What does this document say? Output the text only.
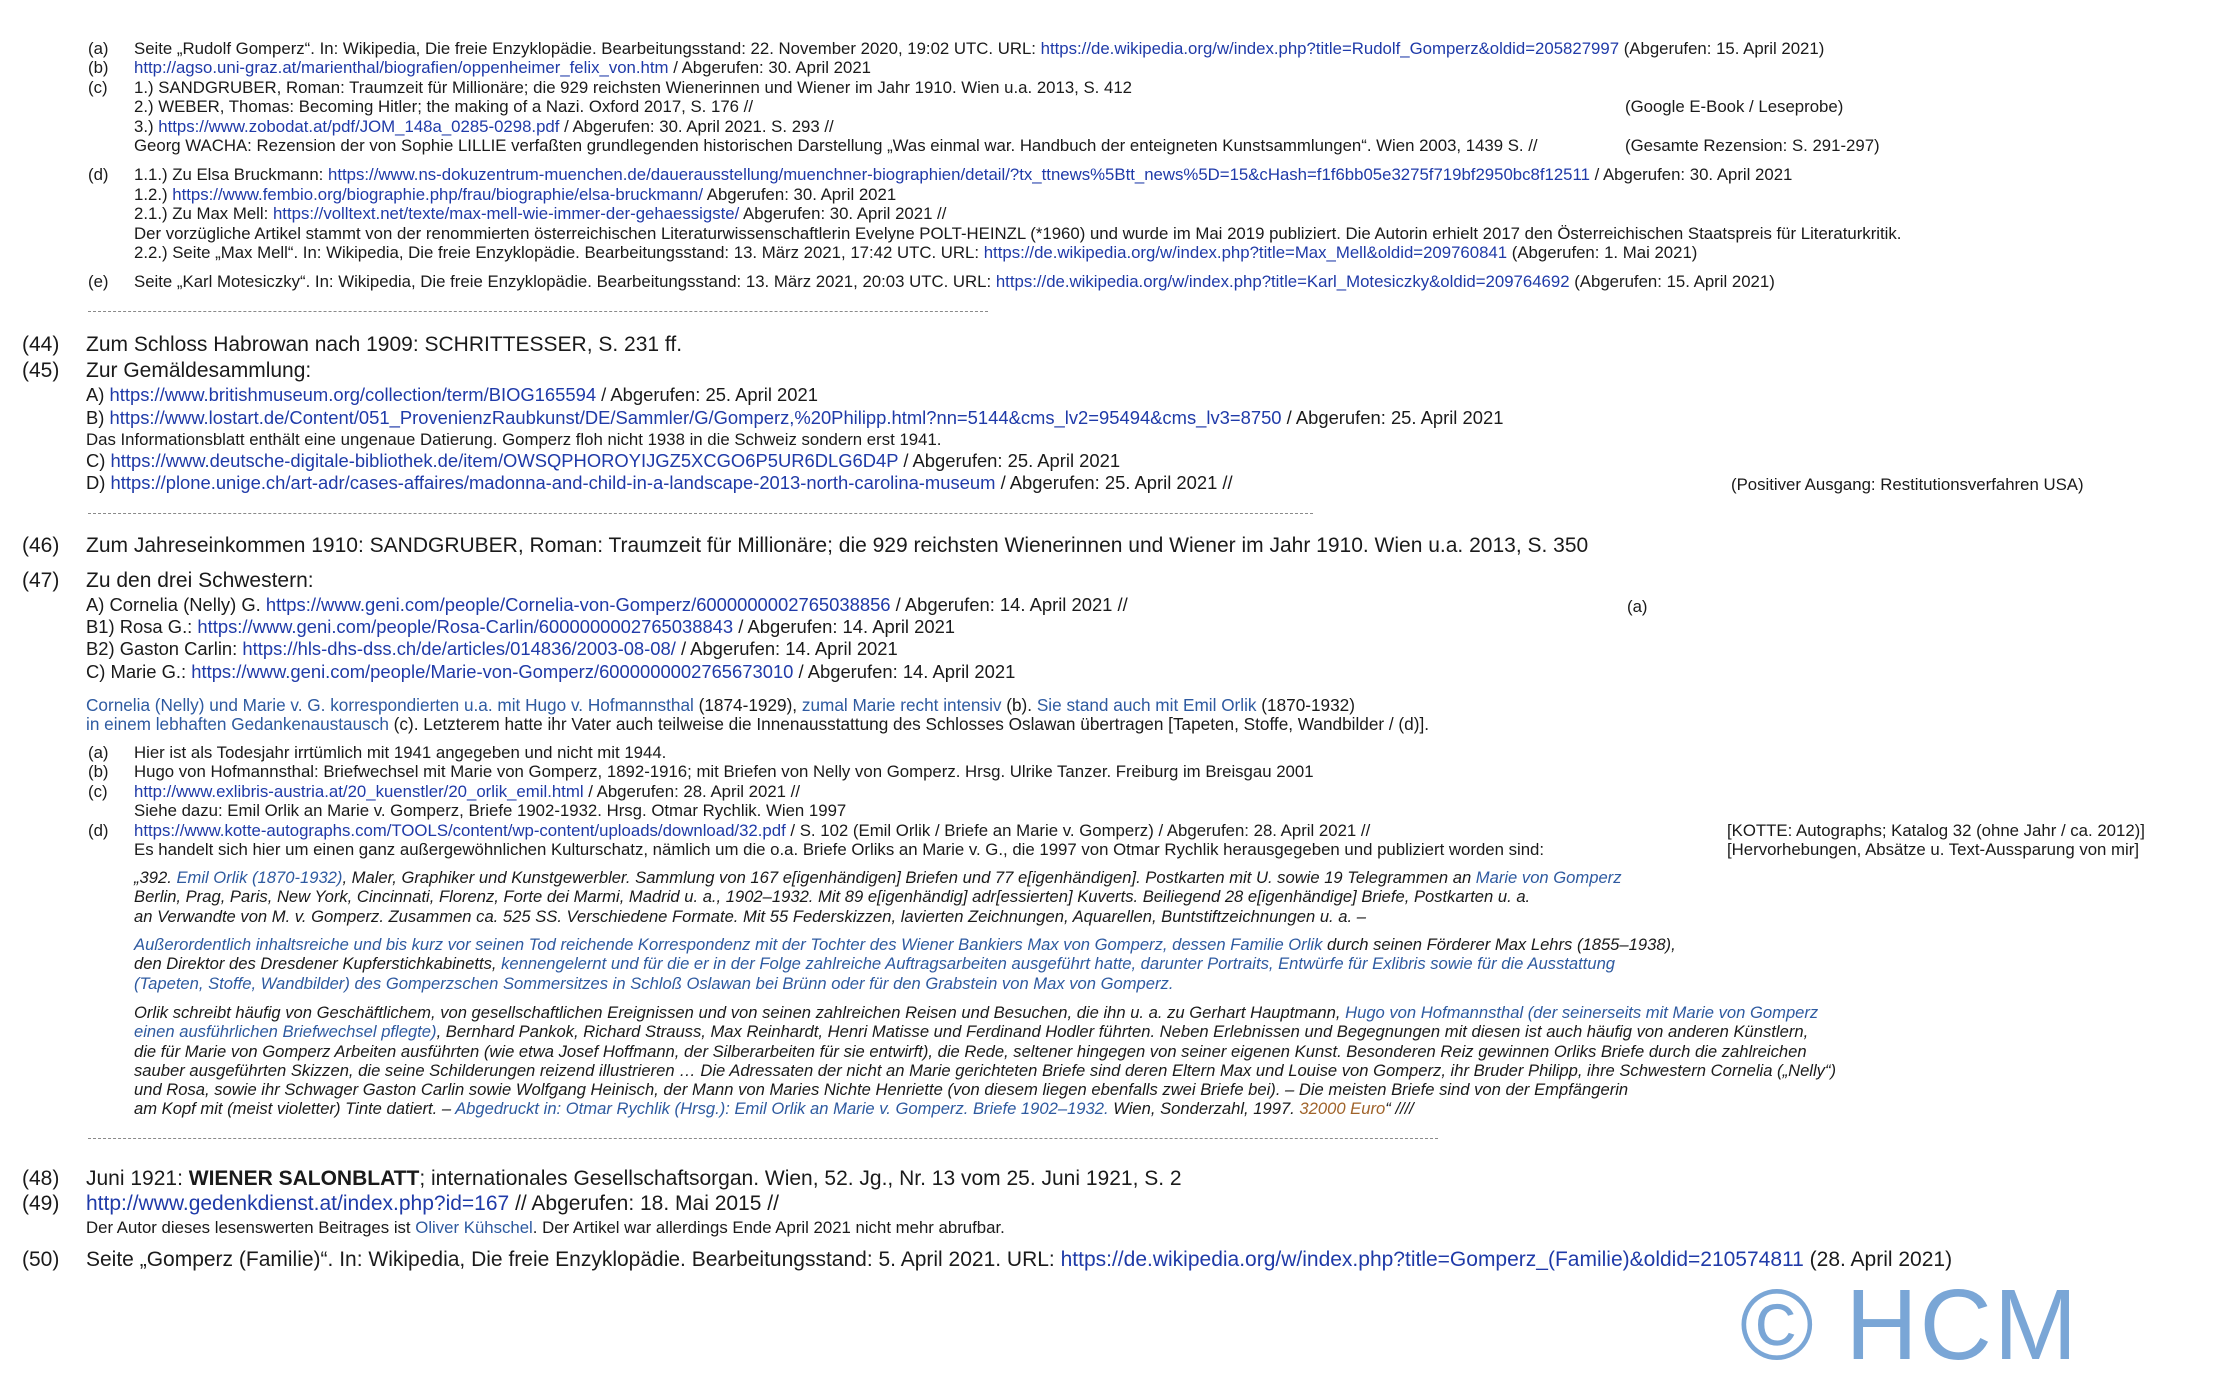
(a) Seite „Rudolf Gomperz“. In: Wikipedia, Die freie Enzyklopädie. Bearbeitungsstand: 22. November 2020, 19:02 UTC. URL: https://de.wikipedia.org/w/index.php?title=Rudolf_Gomperz&oldid=205827997 (Abgerufen: 15. April 2021)
(b) http://agso.uni-graz.at/marienthal/biografien/oppenheimer_felix_von.htm / Abgerufen: 30. April 2021
(c) 1.) SANDGRUBER, Roman: Traumzeit für Millionäre; die 929 reichsten Wienerinnen und Wiener im Jahr 1910. Wien u.a. 2013, S. 412
2.) WEBER, Thomas: Becoming Hitler; the making of a Nazi. Oxford 2017, S. 176 //	(Google E-Book / Leseprobe)
3.) https://www.zobodat.at/pdf/JOM_148a_0285-0298.pdf / Abgerufen: 30. April 2021. S. 293 //
Georg WACHA: Rezension der von Sophie LILLIE verfaßten grundlegenden historischen Darstellung „Was einmal war. Handbuch der enteigneten Kunstsammlungen“. Wien 2003, 1439 S. //	(Gesamte Rezension: S. 291-297)
(d) 1.1.) Zu Elsa Bruckmann: https://www.ns-dokuzentrum-muenchen.de/dauerausstellung/muenchner-biographien/detail/?tx_ttnews%5Btt_news%5D=15&cHash=f1f6bb05e3275f719bf2950bc8f12511 / Abgerufen: 30. April 2021
1.2.) https://www.fembio.org/biographie.php/frau/biographie/elsa-bruckmann/ Abgerufen: 30. April 2021
2.1.) Zu Max Mell: https://volltext.net/texte/max-mell-wie-immer-der-gehaessigste/ Abgerufen: 30. April 2021 //
Der vorzügliche Artikel stammt von der renommierten österreichischen Literaturwissenschaftlerin Evelyne POLT-HEINZL (*1960) und wurde im Mai 2019 publiziert. Die Autorin erhielt 2017 den Österreichischen Staatspreis für Literaturkritik.
2.2.) Seite „Max Mell“. In: Wikipedia, Die freie Enzyklopädie. Bearbeitungsstand: 13. März 2021, 17:42 UTC. URL: https://de.wikipedia.org/w/index.php?title=Max_Mell&oldid=209760841 (Abgerufen: 1. Mai 2021)
(e) Seite „Karl Motesiczky“. In: Wikipedia, Die freie Enzyklopädie. Bearbeitungsstand: 13. März 2021, 20:03 UTC. URL: https://de.wikipedia.org/w/index.php?title=Karl_Motesiczky&oldid=209764692 (Abgerufen: 15. April 2021)
(44) Zum Schloss Habrowan nach 1909: SCHRITTESSER, S. 231 ff.
(45) Zur Gemäldesammlung:
A) https://www.britishmuseum.org/collection/term/BIOG165594 / Abgerufen: 25. April 2021
B) https://www.lostart.de/Content/051_ProvenienzRaubkunst/DE/Sammler/G/Gomperz,%20Philipp.html?nn=5144&cms_lv2=95494&cms_lv3=8750 / Abgerufen: 25. April 2021
Das Informationsblatt enthält eine ungenaue Datierung. Gomperz floh nicht 1938 in die Schweiz sondern erst 1941.
C) https://www.deutsche-digitale-bibliothek.de/item/OWSQPHOROYIJGZ5XCGO6P5UR6DLG6D4P / Abgerufen: 25. April 2021
D) https://plone.unige.ch/art-adr/cases-affaires/madonna-and-child-in-a-landscape-2013-north-carolina-museum / Abgerufen: 25. April 2021 //	(Positiver Ausgang: Restitutionsverfahren USA)
(46) Zum Jahreseinkommen 1910: SANDGRUBER, Roman: Traumzeit für Millionäre; die 929 reichsten Wienerinnen und Wiener im Jahr 1910. Wien u.a. 2013, S. 350
(47) Zu den drei Schwestern:
A) Cornelia (Nelly) G. https://www.geni.com/people/Cornelia-von-Gomperz/6000000002765038856 / Abgerufen: 14. April 2021 //	(a)
B1) Rosa G.: https://www.geni.com/people/Rosa-Carlin/6000000002765038843 / Abgerufen: 14. April 2021
B2) Gaston Carlin: https://hls-dhs-dss.ch/de/articles/014836/2003-08-08/ / Abgerufen: 14. April 2021
C) Marie G.: https://www.geni.com/people/Marie-von-Gomperz/6000000002765673010 / Abgerufen: 14. April 2021
Cornelia (Nelly) und Marie v. G. korrespondierten u.a. mit Hugo v. Hofmannsthal (1874-1929), zumal Marie recht intensiv (b). Sie stand auch mit Emil Orlik (1870-1932)
in einem lebhaften Gedankenaustausch (c). Letzterem hatte ihr Vater auch teilweise die Innenausstattung des Schlosses Oslawan übertragen [Tapeten, Stoffe, Wandbilder / (d)].
(a) Hier ist als Todesjahr irrtümlich mit 1941 angegeben und nicht mit 1944.
(b) Hugo von Hofmannsthal: Briefwechsel mit Marie von Gomperz, 1892-1916; mit Briefen von Nelly von Gomperz. Hrsg. Ulrike Tanzer. Freiburg im Breisgau 2001
(c) http://www.exlibris-austria.at/20_kuenstler/20_orlik_emil.html / Abgerufen: 28. April 2021 //
Siehe dazu: Emil Orlik an Marie v. Gomperz, Briefe 1902-1932. Hrsg. Otmar Rychlik. Wien 1997
(d) https://www.kotte-autographs.com/TOOLS/content/wp-content/uploads/download/32.pdf / S. 102 (Emil Orlik / Briefe an Marie v. Gomperz) / Abgerufen: 28. April 2021 //	[KOTTE: Autographs; Katalog 32 (ohne Jahr / ca. 2012)]
Es handelt sich hier um einen ganz außergewöhnlichen Kulturschatz, nämlich um die o.a. Briefe Orliks an Marie v. G., die 1997 von Otmar Rychlik herausgegeben und publiziert worden sind:	[Hervorhebungen, Absätze u. Text-Aussparung von mir]
„392. Emil Orlik (1870-1932), Maler, Graphiker und Kunstgewerbler. Sammlung von 167 e[igenhändigen] Briefen und 77 e[igenhändigen]. Postkarten mit U. sowie 19 Telegrammen an Marie von Gomperz
Berlin, Prag, Paris, New York, Cincinnati, Florenz, Forte dei Marmi, Madrid u. a., 1902–1932. Mit 89 e[igenhändig] adr[essierten] Kuverts. Beiliegend 28 e[igenhändige] Briefe, Postkarten u. a.
an Verwandte von M. v. Gomperz. Zusammen ca. 525 SS. Verschiedene Formate. Mit 55 Federskizzen, lavierten Zeichnungen, Aquarellen, Buntstiftzeichnungen u. a. –
Außerordentlich inhaltsreiche und bis kurz vor seinen Tod reichende Korrespondenz mit der Tochter des Wiener Bankiers Max von Gomperz, dessen Familie Orlik durch seinen Förderer Max Lehrs (1855–1938),
den Direktor des Dresdener Kupferstichkabinetts, kennengelernt und für die er in der Folge zahlreiche Auftragsarbeiten ausgeführt hatte, darunter Portraits, Entwürfe für Exlibris sowie für die Ausstattung
(Tapeten, Stoffe, Wandbilder) des Gomperzschen Sommersitzes in Schloß Oslawan bei Brünn oder für den Grabstein von Max von Gomperz.
Orlik schreibt häufig von Geschäftlichem, von gesellschaftlichen Ereignissen und von seinen zahlreichen Reisen und Besuchen, die ihn u. a. zu Gerhart Hauptmann, Hugo von Hofmannsthal (der seinerseits mit Marie von Gomperz
einen ausführlichen Briefwechsel pflegte), Bernhard Pankok, Richard Strauss, Max Reinhardt, Henri Matisse und Ferdinand Hodler führten. Neben Erlebnissen und Begegnungen mit diesen ist auch häufig von anderen Künstlern,
die für Marie von Gomperz Arbeiten ausführten (wie etwa Josef Hoffmann, der Silberarbeiten für sie entwirft), die Rede, seltener hingegen von seiner eigenen Kunst. Besonderen Reiz gewinnen Orliks Briefe durch die zahlreichen
sauber ausgeführten Skizzen, die seine Schilderungen reizend illustrieren … Die Adressaten der nicht an Marie gerichteten Briefe sind deren Eltern Max und Louise von Gomperz, ihr Bruder Philipp, ihre Schwestern Cornelia („Nelly“)
und Rosa, sowie ihr Schwager Gaston Carlin sowie Wolfgang Heinisch, der Mann von Maries Nichte Henriette (von diesem liegen ebenfalls zwei Briefe bei). – Die meisten Briefe sind von der Empfängerin
am Kopf mit (meist violetter) Tinte datiert. – Abgedruckt in: Otmar Rychlik (Hrsg.): Emil Orlik an Marie v. Gomperz. Briefe 1902–1932. Wien, Sonderzahl, 1997. 32000 Euro“ ////
(48) Juni 1921: WIENER SALONBLATT; internationales Gesellschaftsorgan. Wien, 52. Jg., Nr. 13 vom 25. Juni 1921, S. 2
(49) http://www.gedenkdienst.at/index.php?id=167 // Abgerufen: 18. Mai 2015 //
Der Autor dieses lesenswerten Beitrages ist Oliver Kühschel. Der Artikel war allerdings Ende April 2021 nicht mehr abrufbar.
(50) Seite „Gomperz (Familie)“. In: Wikipedia, Die freie Enzyklopädie. Bearbeitungsstand: 5. April 2021. URL: https://de.wikipedia.org/w/index.php?title=Gomperz_(Familie)&oldid=210574811 (28. April 2021)
© HCM
